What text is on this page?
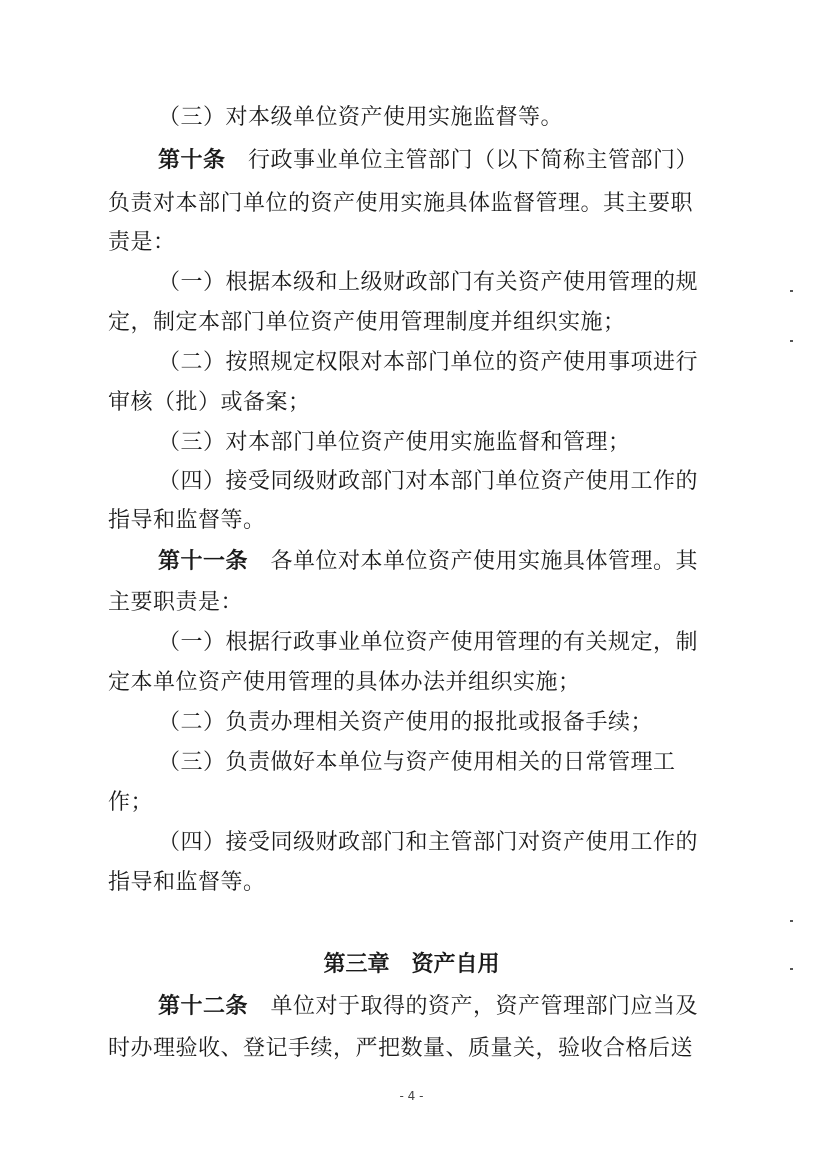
（三）对本级单位资产使用实施监督等。
第十条　行政事业单位主管部门（以下简称主管部门）
负责对本部门单位的资产使用实施具体监督管理。其主要职
责是：
（一）根据本级和上级财政部门有关资产使用管理的规
定，制定本部门单位资产使用管理制度并组织实施；
（二）按照规定权限对本部门单位的资产使用事项进行
审核（批）或备案；
（三）对本部门单位资产使用实施监督和管理；
（四）接受同级财政部门对本部门单位资产使用工作的
指导和监督等。
第十一条　各单位对本单位资产使用实施具体管理。其
主要职责是：
（一）根据行政事业单位资产使用管理的有关规定，制
定本单位资产使用管理的具体办法并组织实施；
（二）负责办理相关资产使用的报批或报备手续；
（三）负责做好本单位与资产使用相关的日常管理工
作；
（四）接受同级财政部门和主管部门对资产使用工作的
指导和监督等。
第三章　资产自用
第十二条　单位对于取得的资产，资产管理部门应当及
时办理验收、登记手续，严把数量、质量关，验收合格后送
- 4 -
